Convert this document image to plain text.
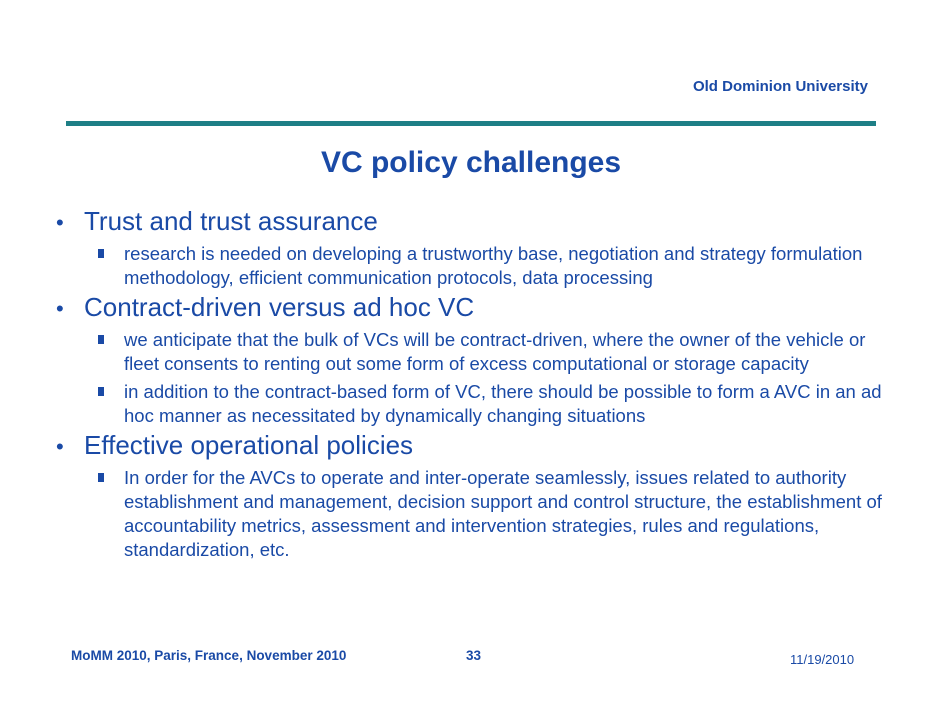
Old Dominion University
VC policy challenges
• Trust and trust assurance
research is needed on developing a trustworthy base, negotiation and strategy formulation methodology, efficient communication protocols, data processing
• Contract-driven versus ad hoc VC
we anticipate that the bulk of VCs will be contract-driven, where the owner of the vehicle or fleet consents to renting out some form of excess computational or storage capacity
in addition to the contract-based form of VC, there should be possible to form a AVC in an ad hoc manner as necessitated by dynamically changing situations
• Effective operational policies
In order for the AVCs to operate and inter-operate seamlessly, issues related to authority establishment and management, decision support and control structure, the establishment of accountability metrics, assessment and intervention strategies, rules and regulations, standardization, etc.
MoMM 2010, Paris, France, November 2010	33	11/19/2010
